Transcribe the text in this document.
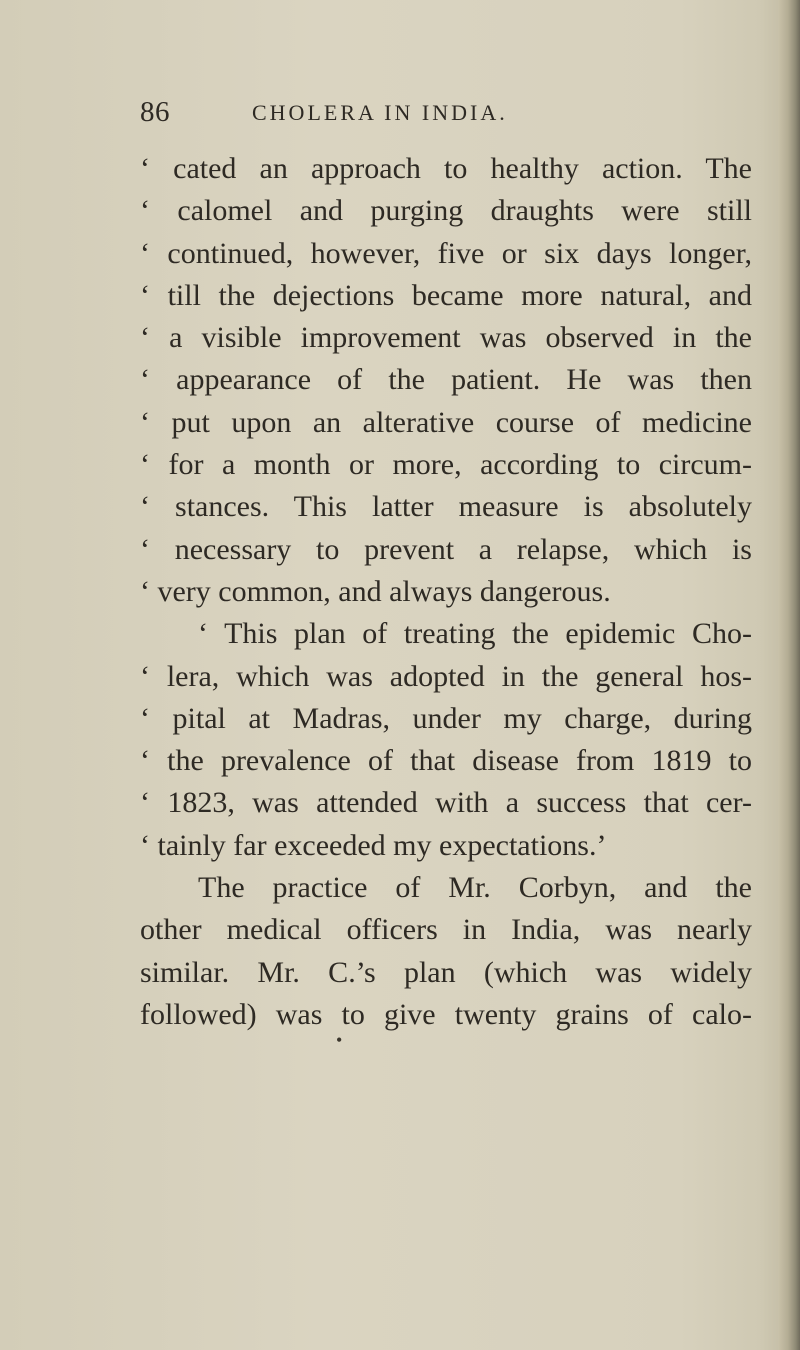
86	CHOLERA IN INDIA.
‘ cated an approach to healthy action. The
‘ calomel and purging draughts were still
‘ continued, however, five or six days longer,
‘ till the dejections became more natural, and
‘ a visible improvement was observed in the
‘ appearance of the patient. He was then
‘ put upon an alterative course of medicine
‘ for a month or more, according to circum-
‘ stances. This latter measure is absolutely
‘ necessary to prevent a relapse, which is
‘ very common, and always dangerous.
‘ This plan of treating the epidemic Cho-
‘ lera, which was adopted in the general hos-
‘ pital at Madras, under my charge, during
‘ the prevalence of that disease from 1819 to
‘ 1823, was attended with a success that cer-
‘ tainly far exceeded my expectations.’
The practice of Mr. Corbyn, and the
other medical officers in India, was nearly
similar. Mr. C.’s plan (which was widely
followed) was to give twenty grains of calo-
•
